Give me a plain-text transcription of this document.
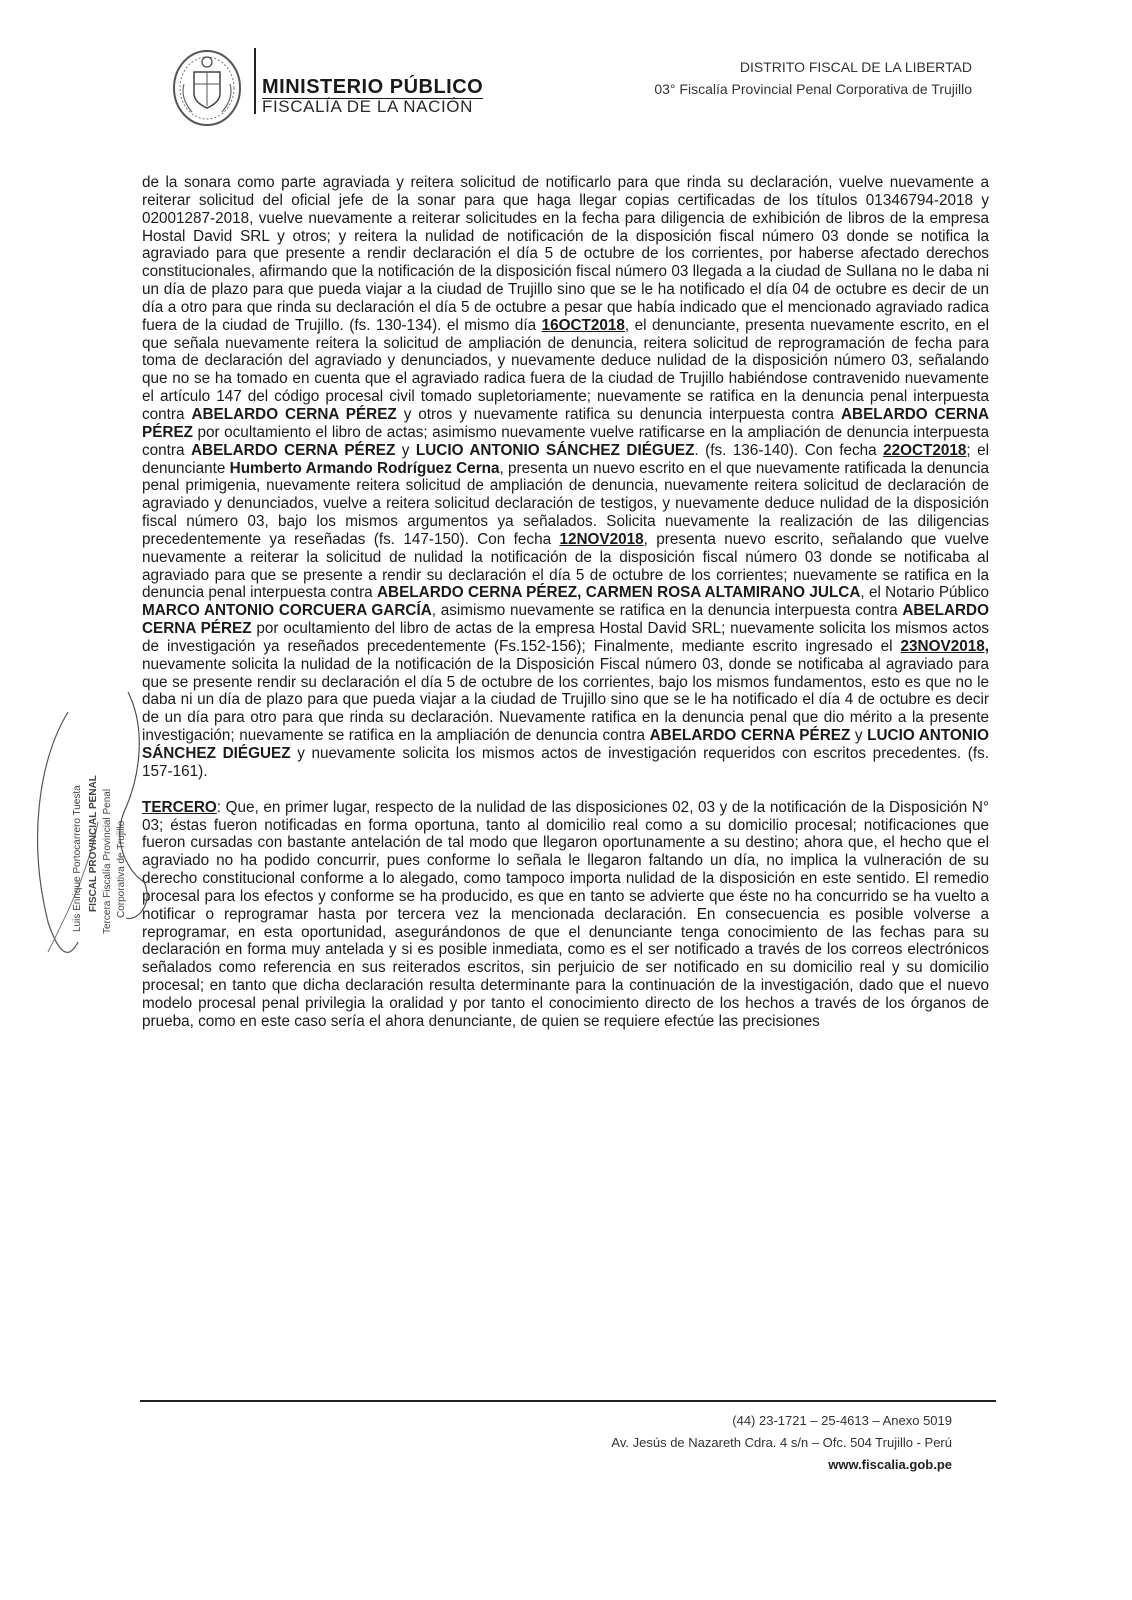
MINISTERIO PÚBLICO
FISCALÍA DE LA NACIÓN
DISTRITO FISCAL DE LA LIBERTAD
03° Fiscalía Provincial Penal Corporativa de Trujillo

de la sonara como parte agraviada y reitera solicitud de notificarlo para que rinda su declaración, vuelve nuevamente a reiterar solicitud del oficial jefe de la sonar para que haga llegar copias certificadas de los títulos 01346794-2018 y 02001287-2018, vuelve nuevamente a reiterar solicitudes en la fecha para diligencia de exhibición de libros de la empresa Hostal David SRL y otros; y reitera la nulidad de notificación de la disposición fiscal número 03 donde se notifica la agraviado para que presente a rendir declaración el día 5 de octubre de los corrientes, por haberse afectado derechos constitucionales, afirmando que la notificación de la disposición fiscal número 03 llegada a la ciudad de Sullana no le daba ni un día de plazo para que pueda viajar a la ciudad de Trujillo sino que se le ha notificado el día 04 de octubre es decir de un día a otro para que rinda su declaración el día 5 de octubre a pesar que había indicado que el mencionado agraviado radica fuera de la ciudad de Trujillo. (fs. 130-134). el mismo día 16OCT2018, el denunciante, presenta nuevamente escrito, en el que señala nuevamente reitera la solicitud de ampliación de denuncia, reitera solicitud de reprogramación de fecha para toma de declaración del agraviado y denunciados, y nuevamente deduce nulidad de la disposición número 03, señalando que no se ha tomado en cuenta que el agraviado radica fuera de la ciudad de Trujillo habiéndose contravenido nuevamente el artículo 147 del código procesal civil tomado supletoriamente; nuevamente se ratifica en la denuncia penal interpuesta contra ABELARDO CERNA PÉREZ y otros y nuevamente ratifica su denuncia interpuesta contra ABELARDO CERNA PÉREZ por ocultamiento el libro de actas; asimismo nuevamente vuelve ratificarse en la ampliación de denuncia interpuesta contra ABELARDO CERNA PÉREZ y LUCIO ANTONIO SÁNCHEZ DIÉGUEZ. (fs. 136-140). Con fecha 22OCT2018; el denunciante Humberto Armando Rodríguez Cerna, presenta un nuevo escrito en el que nuevamente ratificada la denuncia penal primigenia, nuevamente reitera solicitud de ampliación de denuncia, nuevamente reitera solicitud de declaración de agraviado y denunciados, vuelve a reitera solicitud declaración de testigos, y nuevamente deduce nulidad de la disposición fiscal número 03, bajo los mismos argumentos ya señalados. Solicita nuevamente la realización de las diligencias precedentemente ya reseñadas (fs. 147-150). Con fecha 12NOV2018, presenta nuevo escrito, señalando que vuelve nuevamente a reiterar la solicitud de nulidad la notificación de la disposición fiscal número 03 donde se notificaba al agraviado para que se presente a rendir su declaración el día 5 de octubre de los corrientes; nuevamente se ratifica en la denuncia penal interpuesta contra ABELARDO CERNA PÉREZ, CARMEN ROSA ALTAMIRANO JULCA, el Notario Público MARCO ANTONIO CORCUERA GARCÍA, asimismo nuevamente se ratifica en la denuncia interpuesta contra ABELARDO CERNA PÉREZ por ocultamiento del libro de actas de la empresa Hostal David SRL; nuevamente solicita los mismos actos de investigación ya reseñados precedentemente (Fs.152-156); Finalmente, mediante escrito ingresado el 23NOV2018, nuevamente solicita la nulidad de la notificación de la Disposición Fiscal número 03, donde se notificaba al agraviado para que se presente rendir su declaración el día 5 de octubre de los corrientes, bajo los mismos fundamentos, esto es que no le daba ni un día de plazo para que pueda viajar a la ciudad de Trujillo sino que se le ha notificado el día 4 de octubre es decir de un día para otro para que rinda su declaración. Nuevamente ratifica en la denuncia penal que dio mérito a la presente investigación; nuevamente se ratifica en la ampliación de denuncia contra ABELARDO CERNA PÉREZ y LUCIO ANTONIO SÁNCHEZ DIÉGUEZ y nuevamente solicita los mismos actos de investigación requeridos con escritos precedentes. (fs. 157-161).

TERCERO: Que, en primer lugar, respecto de la nulidad de las disposiciones 02, 03 y de la notificación de la Disposición N° 03; éstas fueron notificadas en forma oportuna, tanto al domicilio real como a su domicilio procesal; notificaciones que fueron cursadas con bastante antelación de tal modo que llegaron oportunamente a su destino; ahora que, el hecho que el agraviado no ha podido concurrir, pues conforme lo señala le llegaron faltando un día, no implica la vulneración de su derecho constitucional conforme a lo alegado, como tampoco importa nulidad de la disposición en este sentido. El remedio procesal para los efectos y conforme se ha producido, es que en tanto se advierte que éste no ha concurrido se ha vuelto a notificar o reprogramar hasta por tercera vez la mencionada declaración. En consecuencia es posible volverse a reprogramar, en esta oportunidad, asegurándonos de que el denunciante tenga conocimiento de las fechas para su declaración en forma muy antelada y si es posible inmediata, como es el ser notificado a través de los correos electrónicos señalados como referencia en sus reiterados escritos, sin perjuicio de ser notificado en su domicilio real y su domicilio procesal; en tanto que dicha declaración resulta determinante para la continuación de la investigación, dado que el nuevo modelo procesal penal privilegia la oralidad y por tanto el conocimiento directo de los hechos a través de los órganos de prueba, como en este caso sería el ahora denunciante, de quien se requiere efectúe las precisiones

Luis Enrique Portocarrero Tuesta FISCAL PROVINCIAL PENAL Tercera Fiscalía Provincial Penal Corporativa de Trujillo
(44) 23-1721 – 25-4613 – Anexo 5019
Av. Jesús de Nazareth Cdra. 4 s/n – Ofc. 504 Trujillo - Perú
www.fiscalia.gob.pe
